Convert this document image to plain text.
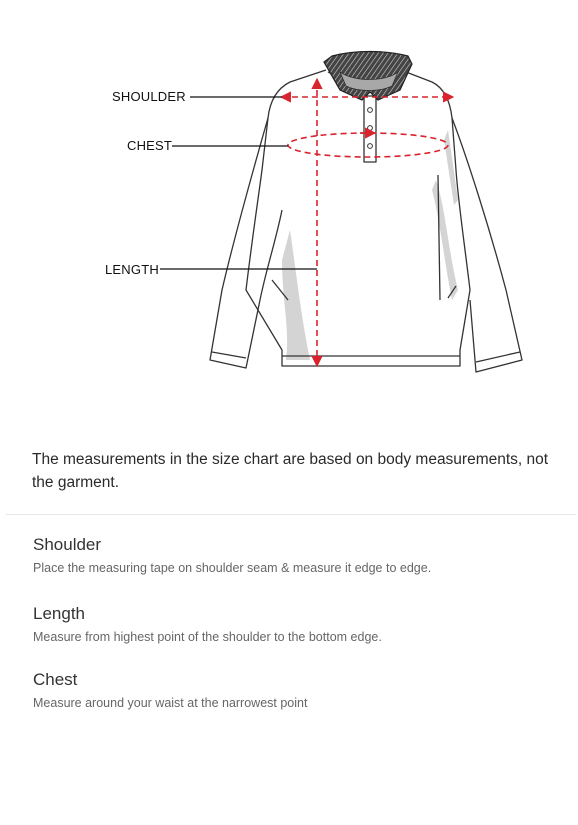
SHOULDER
CHEST
LENGTH
The measurements in the size chart are based on body measurements, not the garment.

Shoulder

Place the measuring tape on shoulder seam & measure it edge to edge.

Length

Measure from highest point of the shoulder to the bottom edge.

Chest

Measure around your waist at the narrowest point
